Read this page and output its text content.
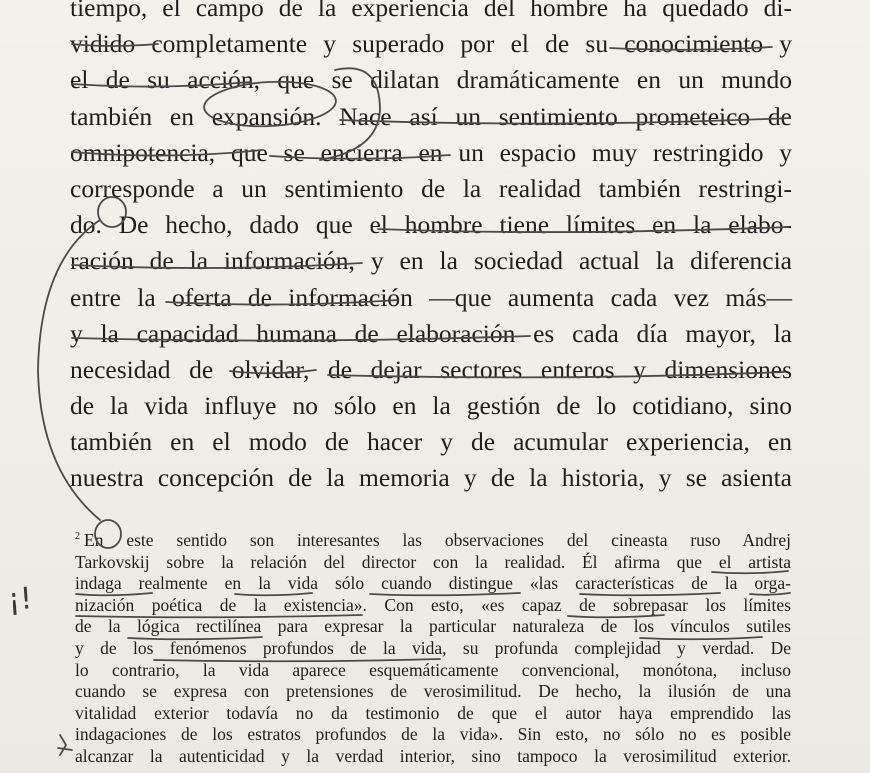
tiempo, el campo de la experiencia del hombre ha quedado di-
vidido completamente y superado por el de su conocimiento y
el de su acción, que se dilatan dramáticamente en un mundo
también en expansión. Nace así un sentimiento prometeico de
omnipotencia, que se encierra en un espacio muy restringido y
corresponde a un sentimiento de la realidad también restringi-
do. De hecho, dado que el hombre tiene límites en la elabo-
ración de la información, y en la sociedad actual la diferencia
entre la oferta de información —que aumenta cada vez más—
y la capacidad humana de elaboración es cada día mayor, la
necesidad de olvidar, de dejar sectores enteros y dimensiones
de la vida influye no sólo en la gestión de lo cotidiano, sino
también en el modo de hacer y de acumular experiencia, en
nuestra concepción de la memoria y de la historia, y se asienta
$^2$ En este sentido son interesantes las observaciones del cineasta ruso Andrej
Tarkovskij sobre la relación del director con la realidad. Él afirma que el artista
indaga realmente en la vida sólo cuando distingue «las características de la orga-
nización poética de la existencia». Con esto, «es capaz de sobrepasar los límites
de la lógica rectilínea para expresar la particular naturaleza de los vínculos sutiles
y de los fenómenos profundos de la vida, su profunda complejidad y verdad. De
lo contrario, la vida aparece esquemáticamente convencional, monótona, incluso
cuando se expresa con pretensiones de verosimilitud. De hecho, la ilusión de una
vitalidad exterior todavía no da testimonio de que el autor haya emprendido las
indagaciones de los estratos profundos de la vida». Sin esto, no sólo no es posible
alcanzar la autenticidad y la verdad interior, sino tampoco la verosimilitud exterior.
¡!
